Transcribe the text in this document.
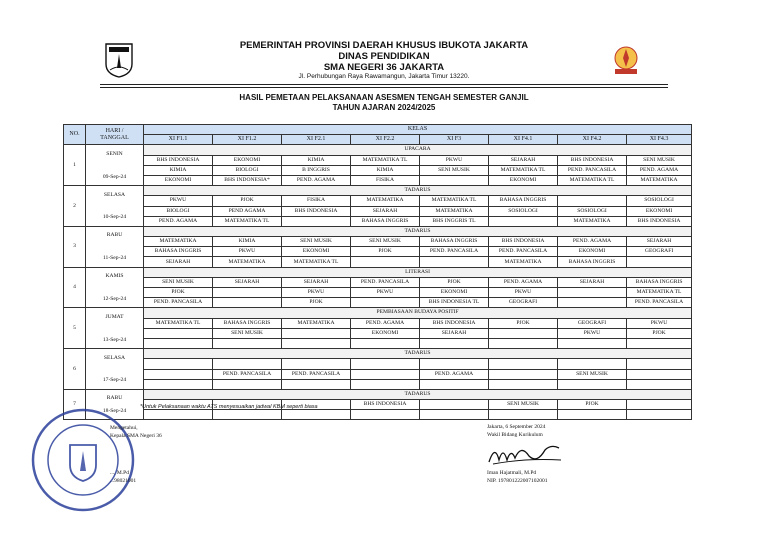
PEMERINTAH PROVINSI DAERAH KHUSUS IBUKOTA JAKARTA
DINAS PENDIDIKAN
SMA NEGERI 36 JAKARTA
Jl. Perhubungan Raya Rawamangun, Jakarta Timur 13220.
HASIL PEMETAAN PELAKSANAAN ASESMEN TENGAH SEMESTER GANJIL
TAHUN AJARAN 2024/2025
NO.	HARI /
TANGGAL	KELAS							
		XI F1.1	XI F1.2	XI F2.1	XI F2.2	XI F3	XI F4.1	XI F4.2	XI F4.3
1	SENIN
09-Sep-24	UPACARA							
		BHS INDONESIA	EKONOMI	KIMIA	MATEMATIKA TL	PKWU	SEJARAH	BHS INDONESIA	SENI MUSIK
		KIMIA	BIOLOGI	B INGGRIS	KIMIA	SENI MUSIK	MATEMATIKA TL	PEND. PANCASILA	PEND. AGAMA
		EKONOMI	BHS INDONESIA*	PEND. AGAMA	FISIKA		EKONOMI	MATEMATIKA TL	MATEMATIKA
2	SELASA
10-Sep-24	TADARUS							
		PKWU	PJOK	FISIKA	MATEMATIKA	MATEMATIKA TL	BAHASA INGGRIS		SOSIOLOGI
		BIOLOGI	PEND AGAMA	BHS INDONESIA	SEJARAH	MATEMATIKA	SOSIOLOGI	SOSIOLOGI	EKONOMI
		PEND. AGAMA	MATEMATIKA TL		BAHASA INGGRIS	BHS INGGRIS TL		MATEMATIKA	BHS INDONESIA
3	RABU
11-Sep-24	TADARUS							
		MATEMATIKA	KIMIA	SENI MUSIK	SENI MUSIK	BAHASA INGGRIS	BHS INDONESIA	PEND. AGAMA	SEJARAH
		BAHASA INGGRIS	PKWU	EKONOMI	PJOK	PEND. PANCASILA	PEND. PANCASILA	EKONOMI	GEOGRAFI
		SEJARAH	MATEMATIKA	MATEMATIKA TL			MATEMATIKA	BAHASA INGGRIS	
4	KAMIS
12-Sep-24	LITERASI							
		SENI MUSIK	SEJARAH	SEJARAH	PEND. PANCASILA	PJOK	PEND. AGAMA	SEJARAH	BAHASA INGGRIS
		PJOK		PKWU	PKWU	EKONOMI	PKWU		MATEMATIKA TL
		PEND. PANCASILA		PJOK		BHS INDONESIA TL	GEOGRAFI		PEND. PANCASILA
5	JUMAT
13-Sep-24	PEMBIASAAN BUDAYA POSITIF							
		MATEMATIKA TL	BAHASA INGGRIS	MATEMATIKA	PEND. AGAMA	BHS INDONESIA	PJOK	GEOGRAFI	PKWU
			SENI MUSIK		EKONOMI	SEJARAH		PKWU	PJOK

6	SELASA
17-Sep-24	TADARUS							

			PEND. PANCASILA	PEND. PANCASILA		PEND. AGAMA		SENI MUSIK	

7	RABU
18-Sep-24	TADARUS							
					BHS INDONESIA		SENI MUSIK	PJOK	

*Untuk Pelaksanaan waktu ATS menyesuaikan jadwal KBM seperti biasa
Mengetahui,
Kepala SMA Negeri 36
..., M.Pd
...98021001
Jakarta, 6 September 2024
Wakil Bidang Kurikulum
Iman Hajatmali, M.Pd
NIP. 197801222007102001
